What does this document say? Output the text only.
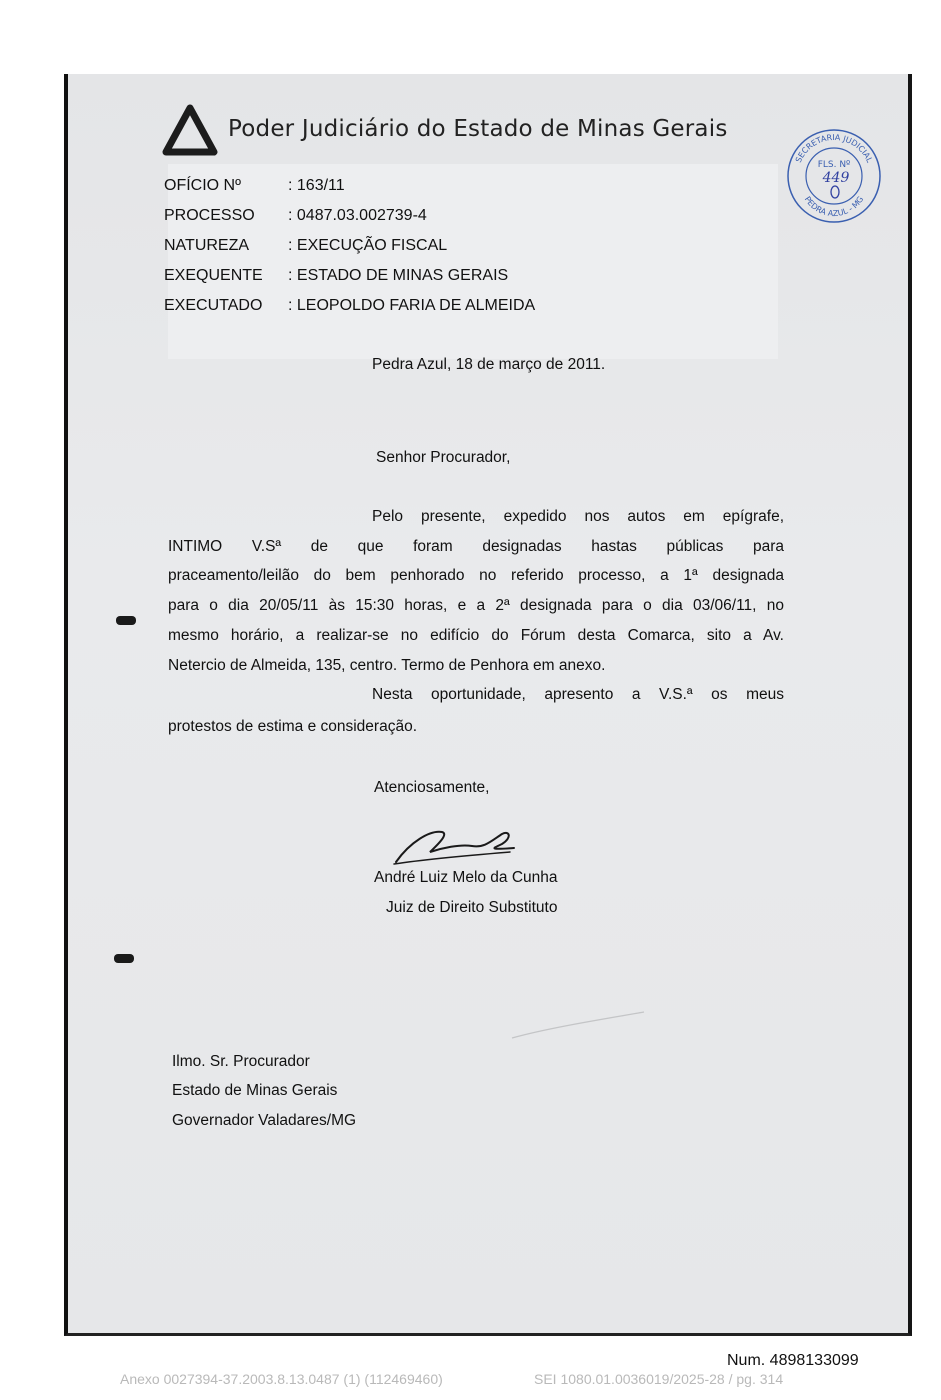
Poder Judiciário do Estado de Minas Gerais
OFÍCIO Nº	: 163/11
PROCESSO : 0487.03.002739-4
NATUREZA : EXECUÇÃO FISCAL
EXEQUENTE : ESTADO DE MINAS GERAIS
EXECUTADO : LEOPOLDO FARIA DE ALMEIDA
SECRETARIA JUDICIAL
PEDRA AZUL - MG
FLS. Nº
449
Pedra Azul, 18 de março de 2011.
Senhor Procurador,
Pelo presente, expedido nos autos em epígrafe,
INTIMO V.Sª de que foram designadas hastas públicas para
praceamento/leilão do bem penhorado no referido processo, a 1ª designada
para o dia 20/05/11 às 15:30 horas, e a 2ª designada para o dia 03/06/11, no
mesmo horário, a realizar-se no edifício do Fórum desta Comarca, sito a Av.
Netercio de Almeida, 135, centro. Termo de Penhora em anexo.
Nesta oportunidade, apresento a V.S.ª os meus
protestos de estima e consideração.
Atenciosamente,
André Luiz Melo da Cunha
Juiz de Direito Substituto
Ilmo. Sr. Procurador
Estado de Minas Gerais
Governador Valadares/MG
Num. 4898133099
Anexo 0027394-37.2003.8.13.0487 (1) (112469460)	SEI 1080.01.0036019/2025-28 / pg. 314
